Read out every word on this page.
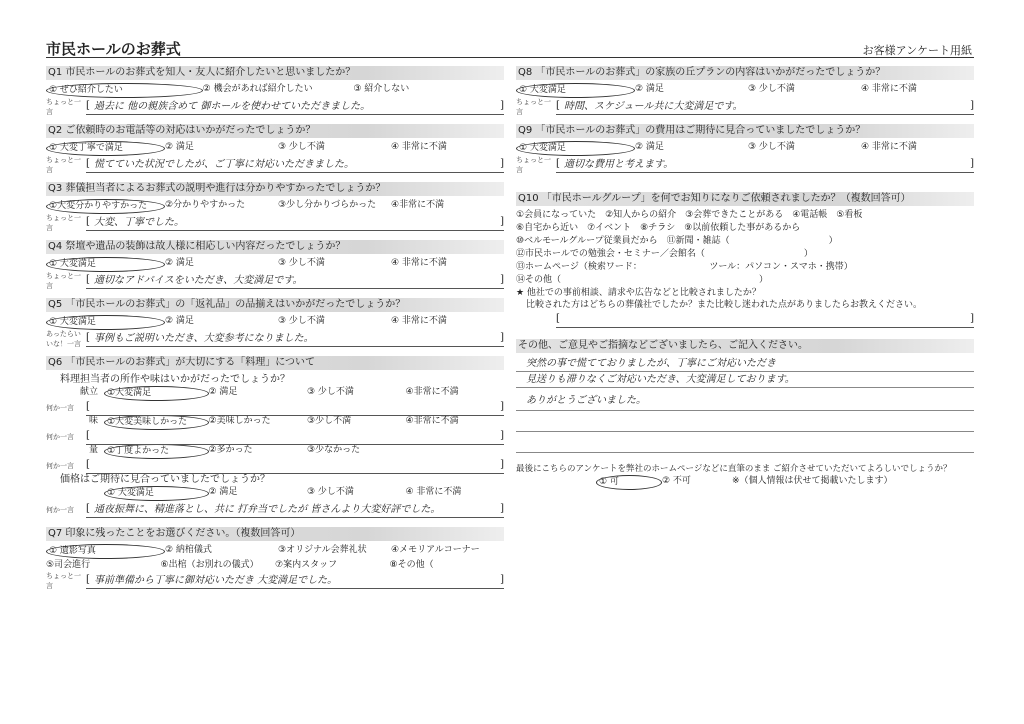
市民ホールのお葬式	お客様アンケート用紙
Q1 市民ホールのお葬式を知人・友人に紹介したいと思いましたか？
① ぜひ紹介したい	② 機会があれば紹介したい	③ 紹介しない
ちょっと一言
[ 過去に 他の親族含めて 御ホールを使わせていただきました。 ]
Q2 ご依頼時のお電話等の対応はいかがだったでしょうか？
① 大変丁寧で満足	② 満足	③ 少し不満	④ 非常に不満
ちょっと一言
[ 慌てていた状況でしたが、ご丁寧に対応いただきました。 ]
Q3 葬儀担当者によるお葬式の説明や進行は分かりやすかったでしょうか？
①大変分かりやすかった	②分かりやすかった	③少し分かりづらかった	④非常に不満
ちょっと一言
[ 大変、丁寧でした。 ]
Q4 祭壇や遺品の装飾は故人様に相応しい内容だったでしょうか？
① 大変満足	② 満足	③ 少し不満	④ 非常に不満
ちょっと一言
[ 適切なアドバイスをいただき、大変満足です。 ]
Q5 「市民ホールのお葬式」の「返礼品」の品揃えはいかがだったでしょうか？
① 大変満足	② 満足	③ 少し不満	④ 非常に不満
あったらいいな！一言
[ 事例もご説明いただき、大変参考になりました。 ]
Q6 「市民ホールのお葬式」が大切にする「料理」について
料理担当者の所作や味はいかがだったでしょうか？
献立	①大変満足	② 満足	③ 少し不満	④非常に不満
何か一言
[ ]
味	①大変美味しかった	②美味しかった	③少し不満	④非常に不満
何か一言
[ ]
量	①丁度よかった	②多かった	③少なかった
何か一言
[ ]
価格はご期待に見合っていましたでしょうか？
① 大変満足	② 満足	③ 少し不満	④ 非常に不満
何か一言
[	通夜振舞に、精進落とし、共に 打弁当でしたが 皆さんより大変好評でした。 ]
Q7 印象に残ったことをお選びください。（複数回答可）
① 遺影写真	② 納棺儀式	③オリジナル会葬礼状	④メモリアルコーナー
⑤司会進行	⑥出棺（お別れの儀式）	⑦案内スタッフ	⑧その他（
ちょっと一言
[ 事前準備から丁寧に御対応いただき 大変満足でした。 ]
Q8 「市民ホールのお葬式」の家族の丘プランの内容はいかがだったでしょうか？
① 大変満足	② 満足	③ 少し不満	④ 非常に不満
ちょっと一言
[ 時間、スケジュール共に大変満足です。 ]
Q9 「市民ホールのお葬式」の費用はご期待に見合っていましたでしょうか？
① 大変満足	② 満足	③ 少し不満	④ 非常に不満
ちょっと一言
[ 適切な費用と考えます。 ]
Q10 「市民ホールグループ」を何でお知りになりご依頼されましたか？（複数回答可）
①会員になっていた　②知人からの紹介　③会葬できたことがある　④電話帳　⑤看板
⑥自宅から近い　⑦イベント　⑧チラシ　⑨以前依頼した事があるから
⑩ベルモールグループ従業員だから　⑪新聞・雑誌（　　　　　　　　　　　）
⑫市民ホールでの勉強会・セミナー／会館名（　　　　　　　　　　　）
⑬ホームページ（検索ワード：　　　　　　　　ツール：パソコン・スマホ・携帯）
⑭その他（　　　　　　　　　　　　　　　　　　　　　　）
★ 他社での事前相談、請求や広告などと比較されましたか？
比較された方はどちらの葬儀社でしたか？また比較し迷われた点がありましたらお教えください。
[ ]
その他、ご意見やご指摘などございましたら、ご記入ください。
突然の事で慌てておりましたが、丁寧にご対応いただき
見送りも滞りなくご対応いただき、大変満足しております。
ありがとうございました。
最後にこちらのアンケートを弊社のホームページなどに直筆のまま ご紹介させていただいてよろしいでしょうか？
① 可	② 不可	※（個人情報は伏せて掲載いたします）
